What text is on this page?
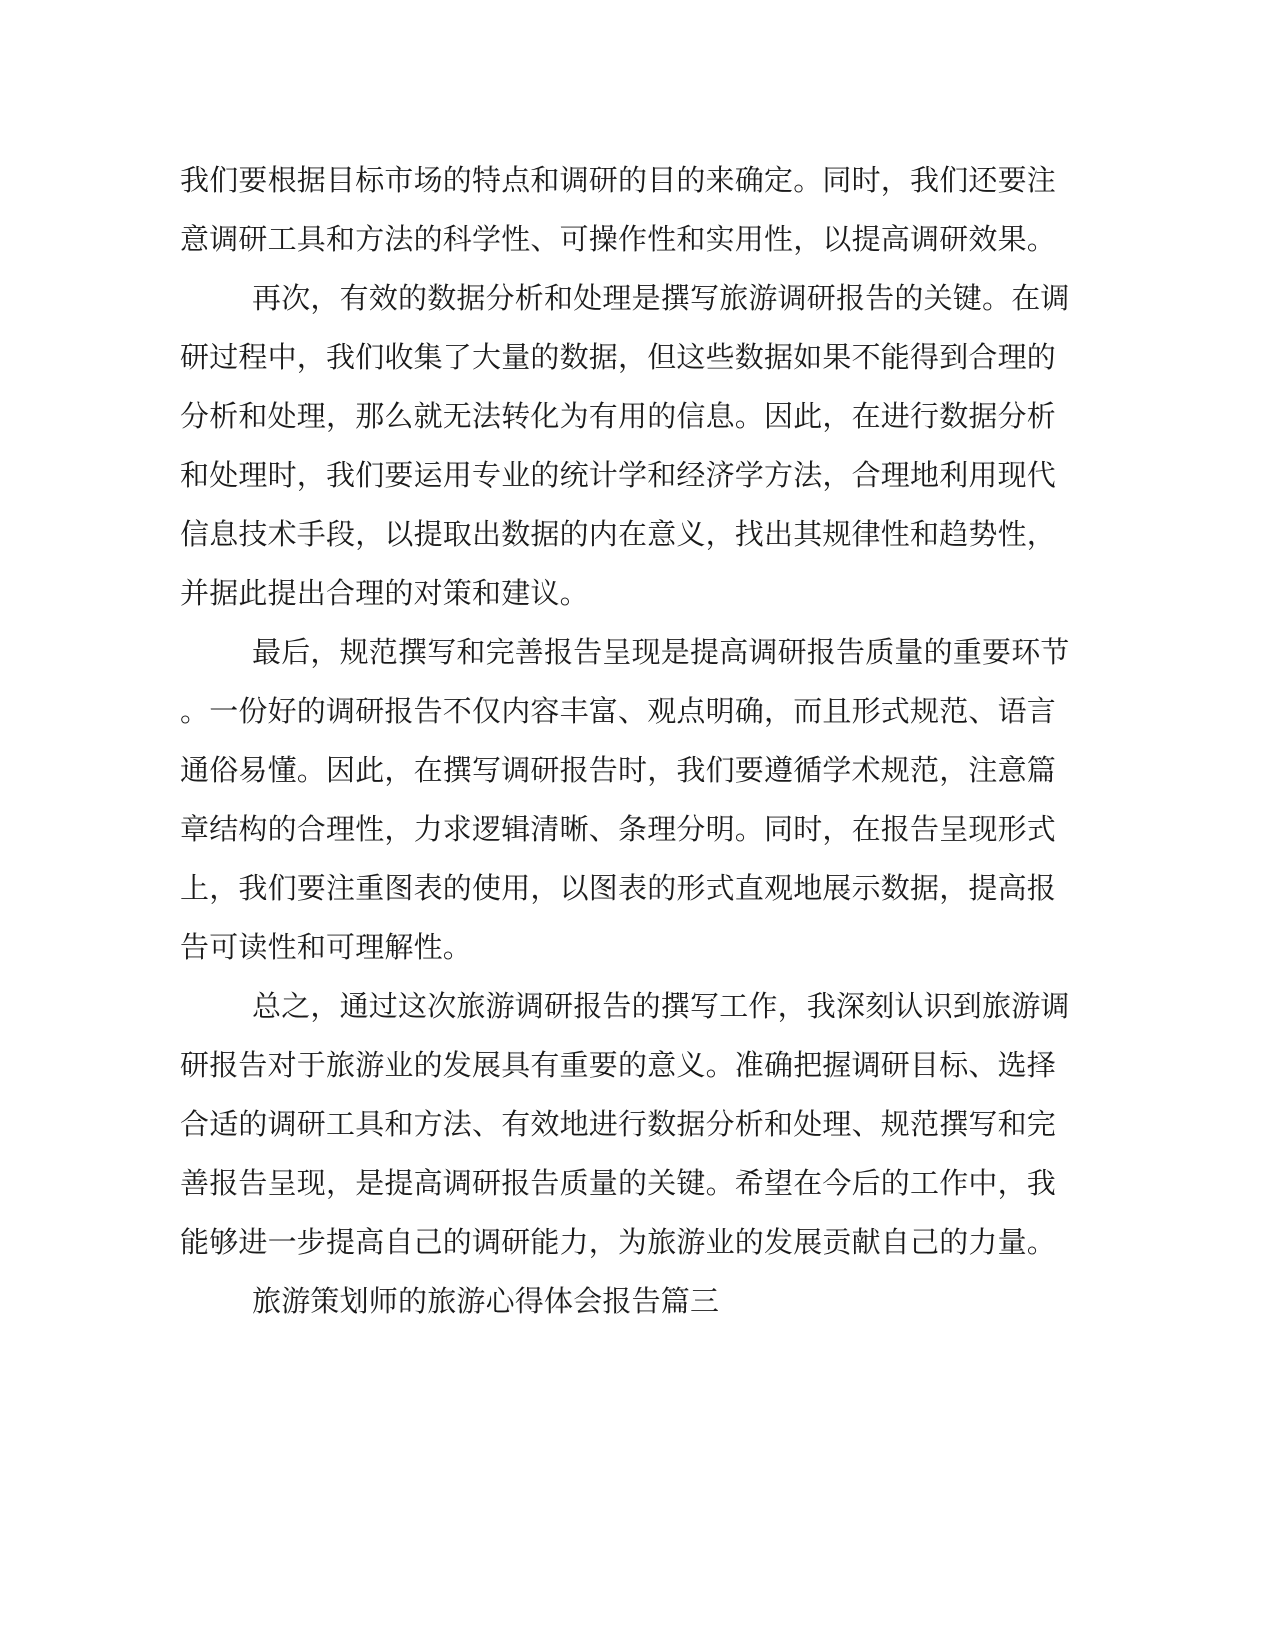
我们要根据目标市场的特点和调研的目的来确定。同时，我们还要注
意调研工具和方法的科学性、可操作性和实用性，以提高调研效果。
再次，有效的数据分析和处理是撰写旅游调研报告的关键。在调
研过程中，我们收集了大量的数据，但这些数据如果不能得到合理的
分析和处理，那么就无法转化为有用的信息。因此，在进行数据分析
和处理时，我们要运用专业的统计学和经济学方法，合理地利用现代
信息技术手段，以提取出数据的内在意义，找出其规律性和趋势性，
并据此提出合理的对策和建议。
最后，规范撰写和完善报告呈现是提高调研报告质量的重要环节
。一份好的调研报告不仅内容丰富、观点明确，而且形式规范、语言
通俗易懂。因此，在撰写调研报告时，我们要遵循学术规范，注意篇
章结构的合理性，力求逻辑清晰、条理分明。同时，在报告呈现形式
上，我们要注重图表的使用，以图表的形式直观地展示数据，提高报
告可读性和可理解性。
总之，通过这次旅游调研报告的撰写工作，我深刻认识到旅游调
研报告对于旅游业的发展具有重要的意义。准确把握调研目标、选择
合适的调研工具和方法、有效地进行数据分析和处理、规范撰写和完
善报告呈现，是提高调研报告质量的关键。希望在今后的工作中，我
能够进一步提高自己的调研能力，为旅游业的发展贡献自己的力量。
旅游策划师的旅游心得体会报告篇三
